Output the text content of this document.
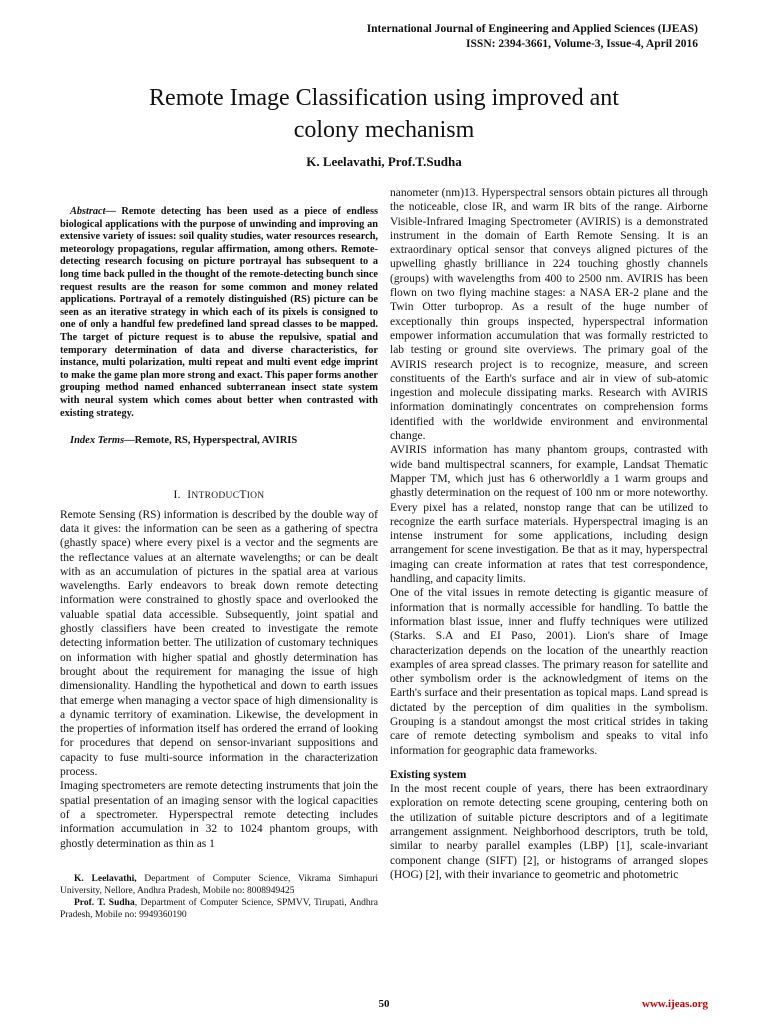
International Journal of Engineering and Applied Sciences (IJEAS)
ISSN: 2394-3661, Volume-3, Issue-4, April 2016
Remote Image Classification using improved ant
colony mechanism
K. Leelavathi, Prof.T.Sudha

Abstract— Remote detecting has been used as a piece of endless biological applications with the purpose of unwinding and improving an extensive variety of issues: soil quality studies, water resources research, meteorology propagations, regular affirmation, among others. Remote-detecting research focusing on picture portrayal has subsequent to a long time back pulled in the thought of the remote-detecting bunch since request results are the reason for some common and money related applications. Portrayal of a remotely distinguished (RS) picture can be seen as an iterative strategy in which each of its pixels is consigned to one of only a handful few predefined land spread classes to be mapped. The target of picture request is to abuse the repulsive, spatial and temporary determination of data and diverse characteristics, for instance, multi polarization, multi repeat and multi event edge imprint to make the game plan more strong and exact. This paper forms another grouping method named enhanced subterranean insect state system with neural system which comes about better when contrasted with existing strategy.

Index Terms—Remote, RS, Hyperspectral, AVIRIS

I. INTRODUCTION

Remote Sensing (RS) information is described by the double way of data it gives: the information can be seen as a gathering of spectra (ghastly space) where every pixel is a vector and the segments are the reflectance values at an alternate wavelengths; or can be dealt with as an accumulation of pictures in the spatial area at various wavelengths. Early endeavors to break down remote detecting information were constrained to ghostly space and overlooked the valuable spatial data accessible. Subsequently, joint spatial and ghostly classifiers have been created to investigate the remote detecting information better. The utilization of customary techniques on information with higher spatial and ghostly determination has brought about the requirement for managing the issue of high dimensionality. Handling the hypothetical and down to earth issues that emerge when managing a vector space of high dimensionality is a dynamic territory of examination. Likewise, the development in the properties of information itself has ordered the errand of looking for procedures that depend on sensor-invariant suppositions and capacity to fuse multi-source information in the characterization process.

Imaging spectrometers are remote detecting instruments that join the spatial presentation of an imaging sensor with the logical capacities of a spectrometer. Hyperspectral remote detecting includes information accumulation in 32 to 1024 phantom groups, with ghostly determination as thin as 1

K. Leelavathi, Department of Computer Science, Vikrama Simhapuri University, Nellore, Andhra Pradesh, Mobile no: 8008949425

Prof. T. Sudha, Department of Computer Science, SPMVV, Tirupati, Andhra Pradesh, Mobile no: 9949360190

nanometer (nm)13. Hyperspectral sensors obtain pictures all through the noticeable, close IR, and warm IR bits of the range. Airborne Visible-Infrared Imaging Spectrometer (AVIRIS) is a demonstrated instrument in the domain of Earth Remote Sensing. It is an extraordinary optical sensor that conveys aligned pictures of the upwelling ghastly brilliance in 224 touching ghostly channels (groups) with wavelengths from 400 to 2500 nm. AVIRIS has been flown on two flying machine stages: a NASA ER-2 plane and the Twin Otter turboprop. As a result of the huge number of exceptionally thin groups inspected, hyperspectral information empower information accumulation that was formally restricted to lab testing or ground site overviews. The primary goal of the AVIRIS research project is to recognize, measure, and screen constituents of the Earth's surface and air in view of sub-atomic ingestion and molecule dissipating marks. Research with AVIRIS information dominatingly concentrates on comprehension forms identified with the worldwide environment and environmental change.

AVIRIS information has many phantom groups, contrasted with wide band multispectral scanners, for example, Landsat Thematic Mapper TM, which just has 6 otherworldly a 1 warm groups and ghastly determination on the request of 100 nm or more noteworthy. Every pixel has a related, nonstop range that can be utilized to recognize the earth surface materials. Hyperspectral imaging is an intense instrument for some applications, including design arrangement for scene investigation. Be that as it may, hyperspectral imaging can create information at rates that test correspondence, handling, and capacity limits.

One of the vital issues in remote detecting is gigantic measure of information that is normally accessible for handling. To battle the information blast issue, inner and fluffy techniques were utilized (Starks. S.A and EI Paso, 2001). Lion's share of Image characterization depends on the location of the unearthly reaction examples of area spread classes. The primary reason for satellite and other symbolism order is the acknowledgment of items on the Earth's surface and their presentation as topical maps. Land spread is dictated by the perception of dim qualities in the symbolism. Grouping is a standout amongst the most critical strides in taking care of remote detecting symbolism and speaks to vital info information for geographic data frameworks.

Existing system

In the most recent couple of years, there has been extraordinary exploration on remote detecting scene grouping, centering both on the utilization of suitable picture descriptors and of a legitimate arrangement assignment. Neighborhood descriptors, truth be told, similar to nearby parallel examples (LBP) [1], scale-invariant component change (SIFT) [2], or histograms of arranged slopes (HOG) [2], with their invariance to geometric and photometric

50	www.ijeas.org
